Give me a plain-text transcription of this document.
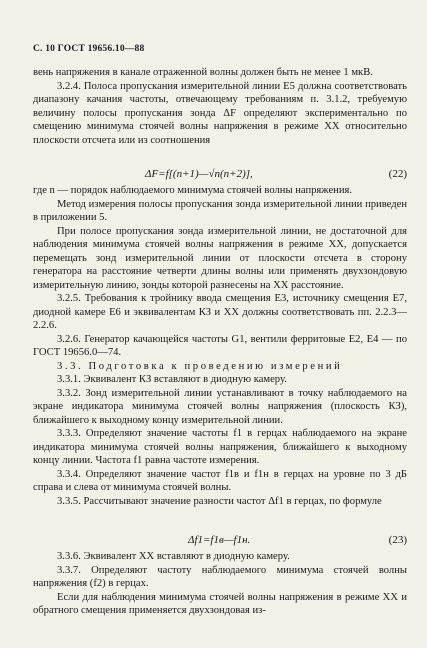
С. 10 ГОСТ 19656.10—88

вень напряжения в канале отраженной волны должен быть не менее 1 мкВ.

3.2.4. Полоса пропускания измерительной линии Е5 должна соответствовать диапазону качания частоты, отвечающему требованиям п. 3.1.2, требуемую величину полосы пропускания зонда ΔF определяют экспериментально по смещению минимума стоячей волны напряжения в режиме ХХ относительно плоскости отсчета или из соотношения

ΔF=f[(n+1)—√n(n+2)],	(22)

где n — порядок наблюдаемого минимума стоячей волны напряжения.

Метод измерения полосы пропускания зонда измерительной линии приведен в приложении 5.

При полосе пропускания зонда измерительной линии, не достаточной для наблюдения минимума стоячей волны напряжения в режиме ХХ, допускается перемещать зонд измерительной линии от плоскости отсчета в сторону генератора на расстояние четверти длины волны или применять двухзондовую измерительную линию, зонды которой разнесены на ХХ расстояние.

3.2.5. Требования к тройнику ввода смещения Е3, источнику смещения Е7, диодной камере Е6 и эквивалентам КЗ и ХХ должны соответствовать пп. 2.2.3—2.2.6.

3.2.6. Генератор качающейся частоты G1, вентили ферритовые Е2, Е4 — по ГОСТ 19656.0—74.

3.3. Подготовка к проведению измерений

3.3.1. Эквивалент КЗ вставляют в диодную камеру.

3.3.2. Зонд измерительной линии устанавливают в точку наблюдаемого на экране индикатора минимума стоячей волны напряжения (плоскость КЗ), ближайшего к выходному концу измерительной линии.

3.3.3. Определяют значение частоты f1 в герцах наблюдаемого на экране индикатора минимума стоячей волны напряжения, ближайшего к выходному концу линии. Частота f1 равна частоте измерения.

3.3.4. Определяют значение частот f1в и f1н в герцах на уровне по 3 дБ справа и слева от минимума стоячей волны.

3.3.5. Рассчитывают значение разности частот Δf1 в герцах, по формуле

Δf1=f1в—f1н.	(23)

3.3.6. Эквивалент ХХ вставляют в диодную камеру.

3.3.7. Определяют частоту наблюдаемого минимума стоячей волны напряжения (f2) в герцах.

Если для наблюдения минимума стоячей волны напряжения в режиме ХХ и обратного смещения применяется двухзондовая из-
